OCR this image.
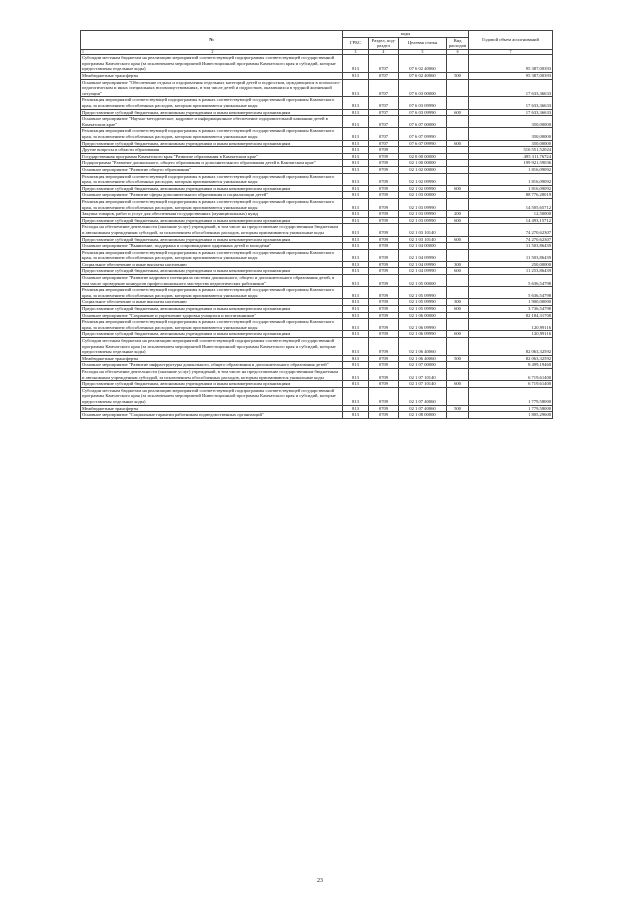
№	коды				Годовой объем ассигнований
	ГРБС	Раздел, под-раздел	Целевая статья	Вид расходов	

1 2	3	4	5	6	7
Субсидии местным бюджетам на реализацию мероприятий соответствующей подпрограммы соответствующей государственной программы Камчатского края (за исключением мероприятий Инвестиционной программы Камчатского края и субсидий, которые предоставлены отдельные коды)	813	0707	07 6 02 40060		95 387,00393
Межбюджетные трансферты	813	0707	07 6 02 40060	500	95 387,00393
Основное мероприятие "Обеспечение отдыха и оздоровления отдельных категорий детей и подростков, нуждающихся в психолого-педагогическом и иных специальных вспомоществованиях, в том числе детей и подростков, оказавшихся в трудной жизненной ситуации"	813	0707	07 6 03 00000		17 633,36633
Реализация мероприятий соответствующей подпрограммы в рамках соответствующей государственной программы Камчатского края, за исключением обособленных расходов, которым присваиваются уникальные коды	813	0707	07 6 03 09990		17 633,36633
Предоставление субсидий бюджетным, автономным учреждениям и иным некоммерческим организациям	813	0707	07 6 03 09990	600	17 633,36633
Основное мероприятие "Научно-методическое, кадровое и информационное обеспечение оздоровительной кампании детей в Камчатском крае"	813	0707	07 6 07 00000		350,00000
Реализация мероприятий соответствующей подпрограммы в рамках соответствующей государственной программы Камчатского края, за исключением обособленных расходов, которым присваиваются уникальные коды	813	0707	07 6 07 09990		350,00000
Предоставление субсидий бюджетным, автономным учреждениям и иным некоммерческим организациям	813	0707	07 6 07 09990	600	350,00000
Другие вопросы в области образования	813	0709			516 551,52024
Государственная программа Камчатского края "Развитие образования в Камчатском крае"	813	0709	02 0 00 00000		495 311,76724
Подпрограмма "Развитие дошкольного, общего образования и дополнительного образования детей в Камчатском крае"	813	0709	02 1 00 00000		199 921,59036
Основное мероприятие "Развитие общего образования"	813	0709	02 1 02 00000		1 816,09092
Реализация мероприятий соответствующей подпрограммы в рамках соответствующей государственной программы Камчатского края, за исключением обособленных расходов, которым присваиваются уникальные коды	813	0709	02 1 02 09990		1 816,09092
Предоставление субсидий бюджетным, автономным учреждениям и иным некоммерческим организациям	813	0709	02 1 02 09990	600	1 816,09092
Основное мероприятие "Развитие сферы дополнительного образования и социализации детей"	813	0709	02 1 03 00000		88 776,28019
Реализация мероприятий соответствующей подпрограммы в рамках соответствующей государственной программы Камчатского края, за исключением обособленных расходов, которым присваиваются уникальные коды	813	0709	02 1 03 09990		14 505,65712
Закупка товаров, работ и услуг для обеспечения государственных (муниципальных) нужд	813	0709	02 1 03 09990	200	12,50000
Предоставление субсидий бюджетным, автономным учреждениям и иным некоммерческим организациям	813	0709	02 1 03 09990	600	14 493,15712
Расходы на обеспечение деятельности (оказание услуг) учреждений, в том числе на предоставление государственным бюджетным и автономным учреждениям субсидий, за исключением обособленных расходов, которым присваиваются уникальные коды	813	0709	02 1 03 10140		74 270,62307
Предоставление субсидий бюджетным, автономным учреждениям и иным некоммерческим организациям	813	0709	02 1 03 10140	600	74 270,62307
Основное мероприятие "Выявление, поддержка и сопровождение одаренных детей и молодёжи"	813	0709	02 1 04 00000		11 503,86439
Реализация мероприятий соответствующей подпрограммы в рамках соответствующей государственной программы Камчатского края, за исключением обособленных расходов, которым присваиваются уникальные коды	813	0709	02 1 04 09990		11 503,86439
Социальное обеспечение и иные выплаты населению	813	0709	02 1 04 09990	300	250,00000
Предоставление субсидий бюджетным, автономным учреждениям и иным некоммерческим организациям	813	0709	02 1 04 09990	600	11 253,86439
Основное мероприятие "Развитие кадрового потенциала системы дошкольного, общего и дополнительного образования детей, в том числе проведение конкурсов профессионального мастерства педагогических работников"	813	0709	02 1 05 00000		5 636,54798
Реализация мероприятий соответствующей подпрограммы в рамках соответствующей государственной программы Камчатского края, за исключением обособленных расходов, которым присваиваются уникальные коды	813	0709	02 1 05 09990		5 636,54798
Социальное обеспечение и иные выплаты населению	813	0709	02 1 05 09990	300	1 900,00000
Предоставление субсидий бюджетным, автономным учреждениям и иным некоммерческим организациям	813	0709	02 1 05 09990	600	3 736,54798
Основное мероприятие "Сохранение и укрепление здоровья учащихся и воспитанников"	813	0709	02 1 06 00000		82 184,31708
Реализация мероприятий соответствующей подпрограммы в рамках соответствующей государственной программы Камчатского края, за исключением обособленных расходов, которым присваиваются уникальные коды	813	0709	02 1 06 09990		120,99116
Предоставление субсидий бюджетным, автономным учреждениям и иным некоммерческим организациям	813	0709	02 1 06 09990	600	120,99116
Субсидии местным бюджетам на реализацию мероприятий соответствующей подпрограммы соответствующей государственной программы Камчатского края (за исключением мероприятий Инвестиционной программы Камчатского края и субсидий, которые предоставлены отдельные коды)	813	0709	02 1 06 40060		82 063,32592
Межбюджетные трансферты	813	0709	02 1 06 40060	500	82 063,32592
Основное мероприятие "Развитие инфраструктуры дошкольного, общего образования и дополнительного образования детей"	813	0709	02 1 07 00000		8 499,19460
Расходы на обеспечение деятельности (оказание услуг) учреждений, в том числе на предоставление государственным бюджетным и автономным учреждениям субсидий, за исключением обособленных расходов, которым присваиваются уникальные коды	813	0709	02 1 07 10140		6 719,61400
Предоставление субсидий бюджетным, автономным учреждениям и иным некоммерческим организациям	813	0709	02 1 07 10140	600	6 719,61400
Субсидии местным бюджетам на реализацию мероприятий соответствующей подпрограммы соответствующей государственной программы Камчатского края (за исключением мероприятий Инвестиционной программы Камчатского края и субсидий, которые предоставлены отдельные коды)	813	0709	02 1 07 40060		1 779,58000
Межбюджетные трансферты	813	0709	02 1 07 40060	500	1 779,58000
Основное мероприятие "Социальные гарантии работникам подведомственных организаций"	813	0709	02 1 08 00000		1 805,29600
23
